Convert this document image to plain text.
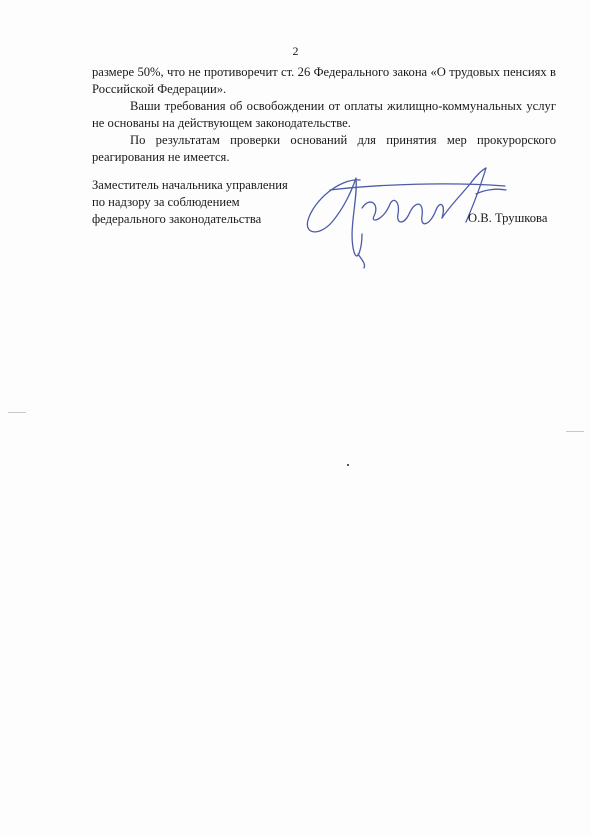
2

размере 50%, что не противоречит ст. 26 Федерального закона «О трудовых пенсиях в Российской Федерации».

Ваши требования об освобождении от оплаты жилищно-коммунальных услуг не основаны на действующем законодательстве.

По результатам проверки оснований для принятия мер прокурорского реагирования не имеется.

Заместитель начальника управления
по надзору за соблюдением
федерального законодательства	О.В. Трушкова
